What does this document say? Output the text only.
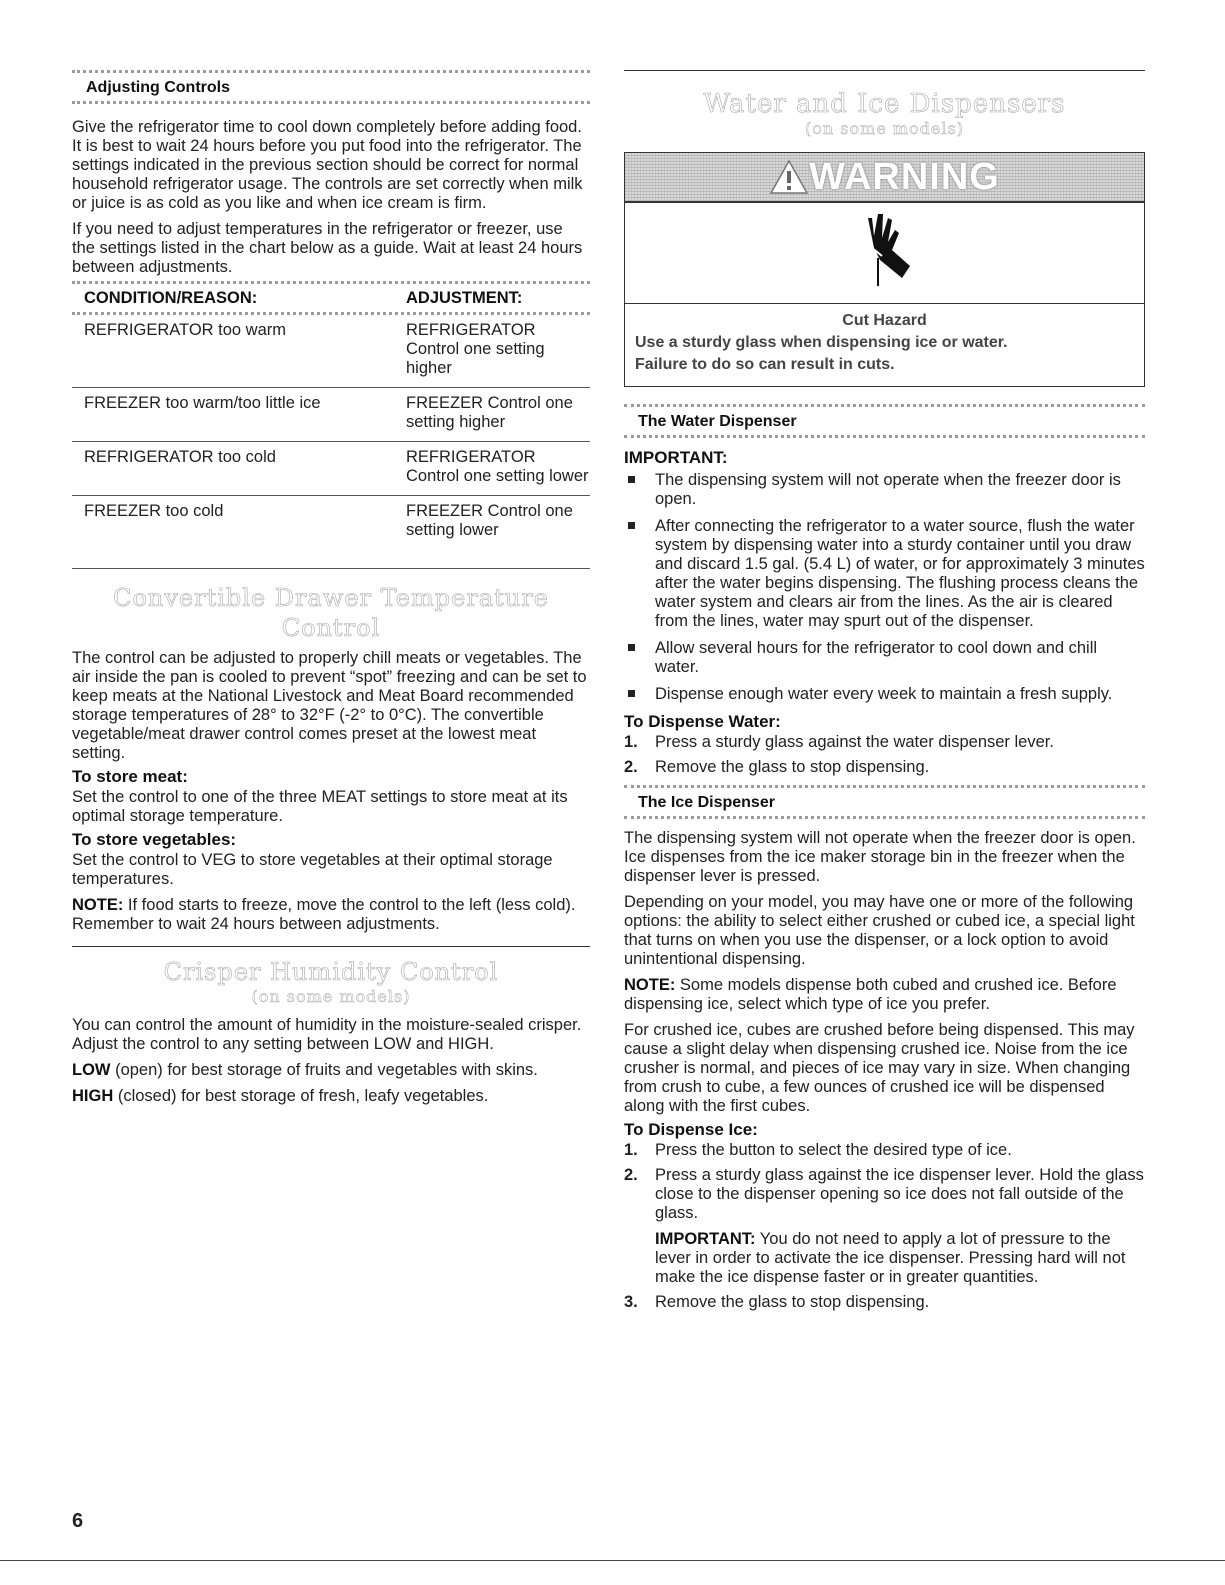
Adjusting Controls

Give the refrigerator time to cool down completely before adding food. It is best to wait 24 hours before you put food into the refrigerator. The settings indicated in the previous section should be correct for normal household refrigerator usage. The controls are set correctly when milk or juice is as cold as you like and when ice cream is firm.

If you need to adjust temperatures in the refrigerator or freezer, use the settings listed in the chart below as a guide. Wait at least 24 hours between adjustments.

CONDITION/REASON:	ADJUSTMENT:
REFRIGERATOR too warm	REFRIGERATOR Control one setting higher
FREEZER too warm/too little ice	FREEZER Control one setting higher
REFRIGERATOR too cold	REFRIGERATOR Control one setting lower
FREEZER too cold	FREEZER Control one setting lower
Convertible Drawer Temperature Control

The control can be adjusted to properly chill meats or vegetables. The air inside the pan is cooled to prevent “spot” freezing and can be set to keep meats at the National Livestock and Meat Board recommended storage temperatures of 28° to 32°F (-2° to 0°C). The convertible vegetable/meat drawer control comes preset at the lowest meat setting.

To store meat:

Set the control to one of the three MEAT settings to store meat at its optimal storage temperature.

To store vegetables:

Set the control to VEG to store vegetables at their optimal storage temperatures.

NOTE: If food starts to freeze, move the control to the left (less cold). Remember to wait 24 hours between adjustments.

Crisper Humidity Control
(on some models)

You can control the amount of humidity in the moisture-sealed crisper. Adjust the control to any setting between LOW and HIGH.

LOW (open) for best storage of fruits and vegetables with skins.

HIGH (closed) for best storage of fresh, leafy vegetables.

Water and Ice Dispensers
(on some models)
WARNING
Cut Hazard
Use a sturdy glass when dispensing ice or water.
Failure to do so can result in cuts.
The Water Dispenser
IMPORTANT:
The dispensing system will not operate when the freezer door is open.
After connecting the refrigerator to a water source, flush the water system by dispensing water into a sturdy container until you draw and discard 1.5 gal. (5.4 L) of water, or for approximately 3 minutes after the water begins dispensing. The flushing process cleans the water system and clears air from the lines. As the air is cleared from the lines, water may spurt out of the dispenser.
Allow several hours for the refrigerator to cool down and chill water.
Dispense enough water every week to maintain a fresh supply.
To Dispense Water:
1. Press a sturdy glass against the water dispenser lever.
2. Remove the glass to stop dispensing.
The Ice Dispenser

The dispensing system will not operate when the freezer door is open. Ice dispenses from the ice maker storage bin in the freezer when the dispenser lever is pressed.

Depending on your model, you may have one or more of the following options: the ability to select either crushed or cubed ice, a special light that turns on when you use the dispenser, or a lock option to avoid unintentional dispensing.

NOTE: Some models dispense both cubed and crushed ice. Before dispensing ice, select which type of ice you prefer.

For crushed ice, cubes are crushed before being dispensed. This may cause a slight delay when dispensing crushed ice. Noise from the ice crusher is normal, and pieces of ice may vary in size. When changing from crush to cube, a few ounces of crushed ice will be dispensed along with the first cubes.

To Dispense Ice:
1. Press the button to select the desired type of ice.
2. Press a sturdy glass against the ice dispenser lever. Hold the glass close to the dispenser opening so ice does not fall outside of the glass.
IMPORTANT: You do not need to apply a lot of pressure to the lever in order to activate the ice dispenser. Pressing hard will not make the ice dispense faster or in greater quantities.
3. Remove the glass to stop dispensing.
6
